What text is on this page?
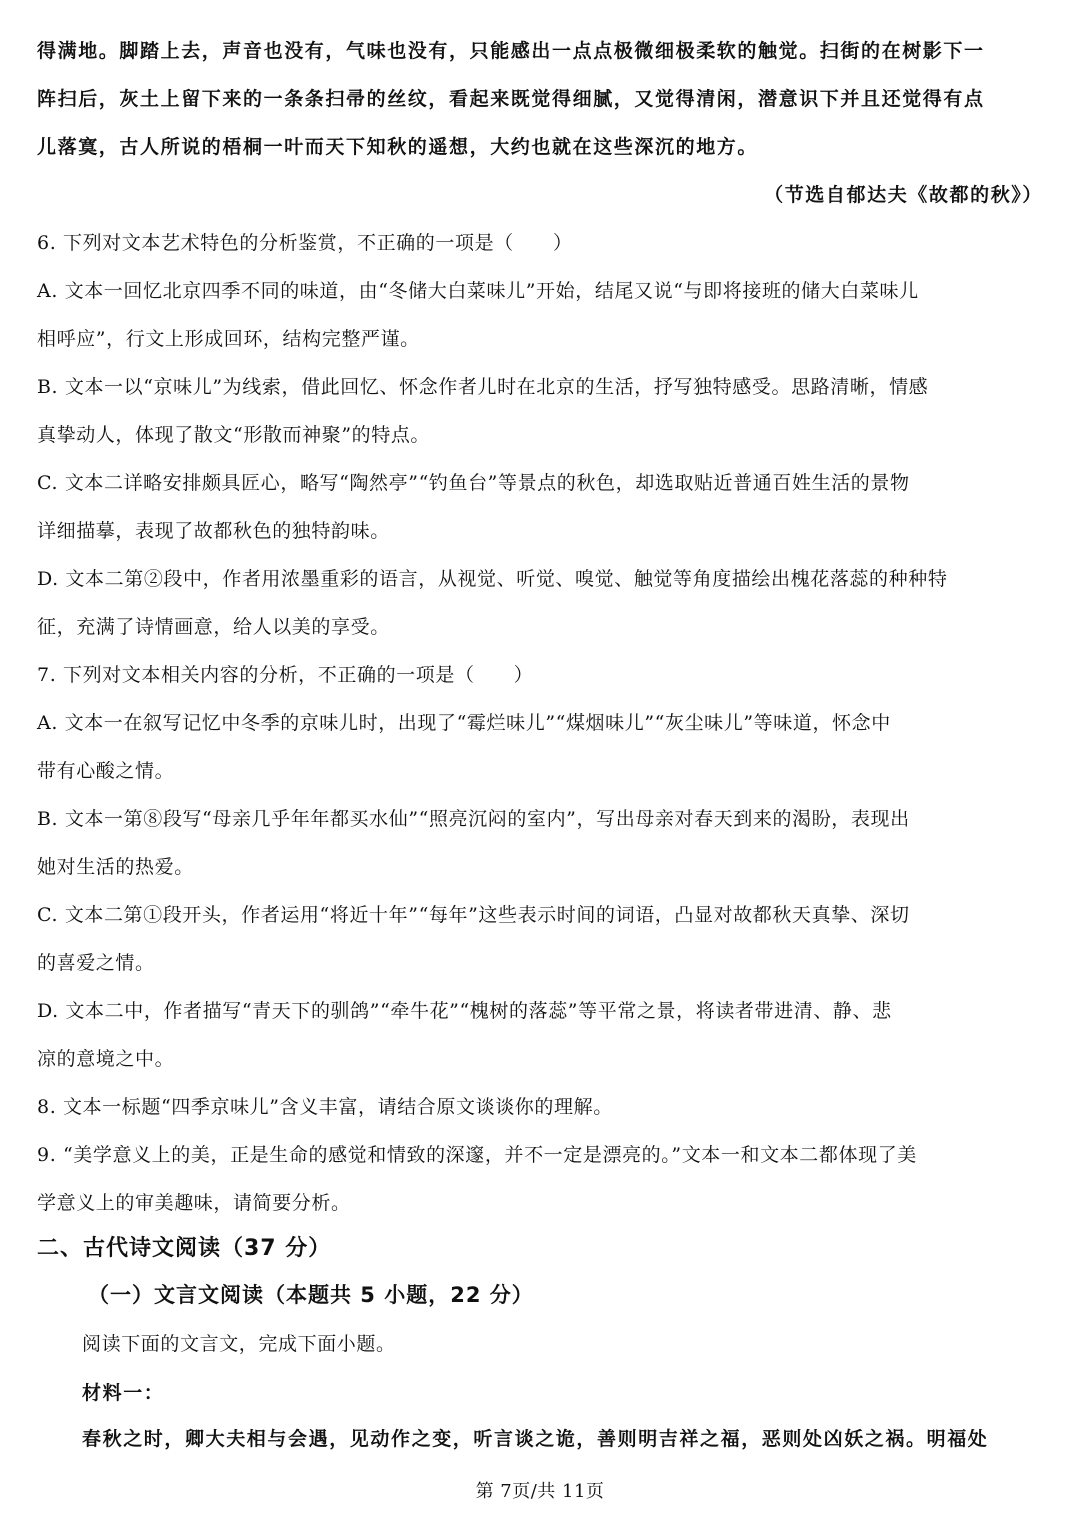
得满地。脚踏上去，声音也没有，气味也没有，只能感出一点点极微细极柔软的触觉。扫街的在树影下一
阵扫后，灰土上留下来的一条条扫帚的丝纹，看起来既觉得细腻，又觉得清闲，潜意识下并且还觉得有点
儿落寞，古人所说的梧桐一叶而天下知秋的遥想，大约也就在这些深沉的地方。
（节选自郁达夫《故都的秋》）
6. 下列对文本艺术特色的分析鉴赏，不正确的一项是（　　）
A. 文本一回忆北京四季不同的味道，由“冬储大白菜味儿”开始，结尾又说“与即将接班的储大白菜味儿
相呼应”，行文上形成回环，结构完整严谨。
B. 文本一以“京味儿”为线索，借此回忆、怀念作者儿时在北京的生活，抒写独特感受。思路清晰，情感
真挚动人，体现了散文“形散而神聚”的特点。
C. 文本二详略安排颇具匠心，略写“陶然亭”“钓鱼台”等景点的秋色，却选取贴近普通百姓生活的景物
详细描摹，表现了故都秋色的独特韵味。
D. 文本二第②段中，作者用浓墨重彩的语言，从视觉、听觉、嗅觉、触觉等角度描绘出槐花落蕊的种种特
征，充满了诗情画意，给人以美的享受。
7. 下列对文本相关内容的分析，不正确的一项是（　　）
A. 文本一在叙写记忆中冬季的京味儿时，出现了“霉烂味儿”“煤烟味儿”“灰尘味儿”等味道，怀念中
带有心酸之情。
B. 文本一第⑧段写“母亲几乎年年都买水仙”“照亮沉闷的室内”，写出母亲对春天到来的渴盼，表现出
她对生活的热爱。
C. 文本二第①段开头，作者运用“将近十年”“每年”这些表示时间的词语，凸显对故都秋天真挚、深切
的喜爱之情。
D. 文本二中，作者描写“青天下的驯鸽”“牵牛花”“槐树的落蕊”等平常之景，将读者带进清、静、悲
凉的意境之中。
8. 文本一标题“四季京味儿”含义丰富，请结合原文谈谈你的理解。
9. “美学意义上的美，正是生命的感觉和情致的深邃，并不一定是漂亮的。”文本一和文本二都体现了美
学意义上的审美趣味，请简要分析。
二、古代诗文阅读（37 分）
（一）文言文阅读（本题共 5 小题，22 分）
阅读下面的文言文，完成下面小题。
材料一：
春秋之时，卿大夫相与会遇，见动作之变，听言谈之诡，善则明吉祥之福，恶则处凶妖之祸。明福处
第 7页/共 11页
